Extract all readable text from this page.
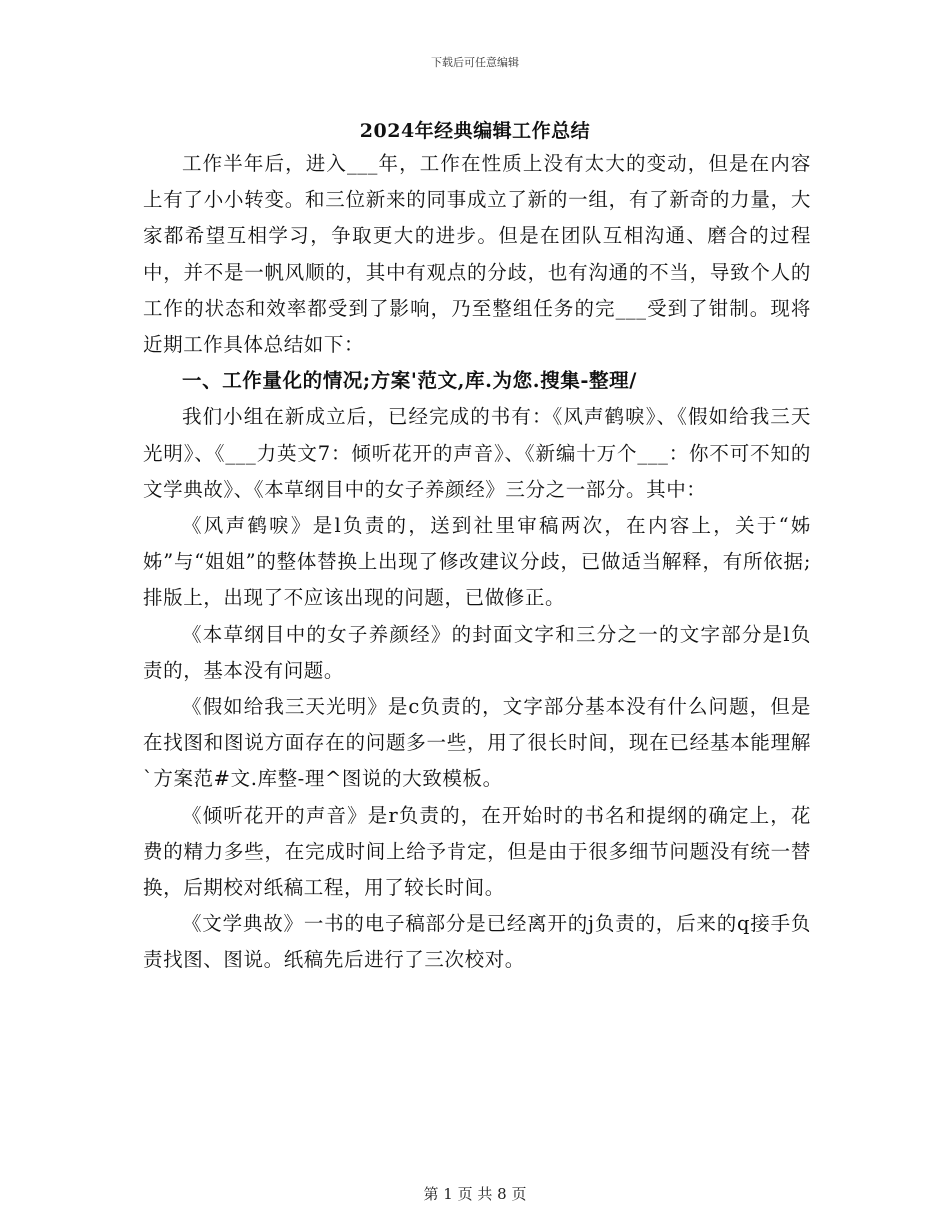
下载后可任意编辑
2024年经典编辑工作总结

工作半年后，进入___年，工作在性质上没有太大的变动，但是在内容上有了小小转变。和三位新来的同事成立了新的一组，有了新奇的力量，大家都希望互相学习，争取更大的进步。但是在团队互相沟通、磨合的过程中，并不是一帆风顺的，其中有观点的分歧，也有沟通的不当，导致个人的工作的状态和效率都受到了影响，乃至整组任务的完___受到了钳制。现将近期工作具体总结如下：

一、工作量化的情况;方案'范文,库.为您.搜集-整理/

我们小组在新成立后，已经完成的书有：《风声鹤唳》、《假如给我三天光明》、《___力英文7：倾听花开的声音》、《新编十万个___：你不可不知的文学典故》、《本草纲目中的女子养颜经》三分之一部分。其中：

《风声鹤唳》是l负责的，送到社里审稿两次，在内容上，关于“姊姊”与“姐姐”的整体替换上出现了修改建议分歧，已做适当解释，有所依据;排版上，出现了不应该出现的问题，已做修正。

《本草纲目中的女子养颜经》的封面文字和三分之一的文字部分是l负责的，基本没有问题。

《假如给我三天光明》是c负责的，文字部分基本没有什么问题，但是在找图和图说方面存在的问题多一些，用了很长时间，现在已经基本能理解`方案范#文.库整-理^图说的大致模板。

《倾听花开的声音》是r负责的，在开始时的书名和提纲的确定上，花费的精力多些，在完成时间上给予肯定，但是由于很多细节问题没有统一替换，后期校对纸稿工程，用了较长时间。

《文学典故》一书的电子稿部分是已经离开的j负责的，后来的q接手负责找图、图说。纸稿先后进行了三次校对。

第 1 页 共 8 页
